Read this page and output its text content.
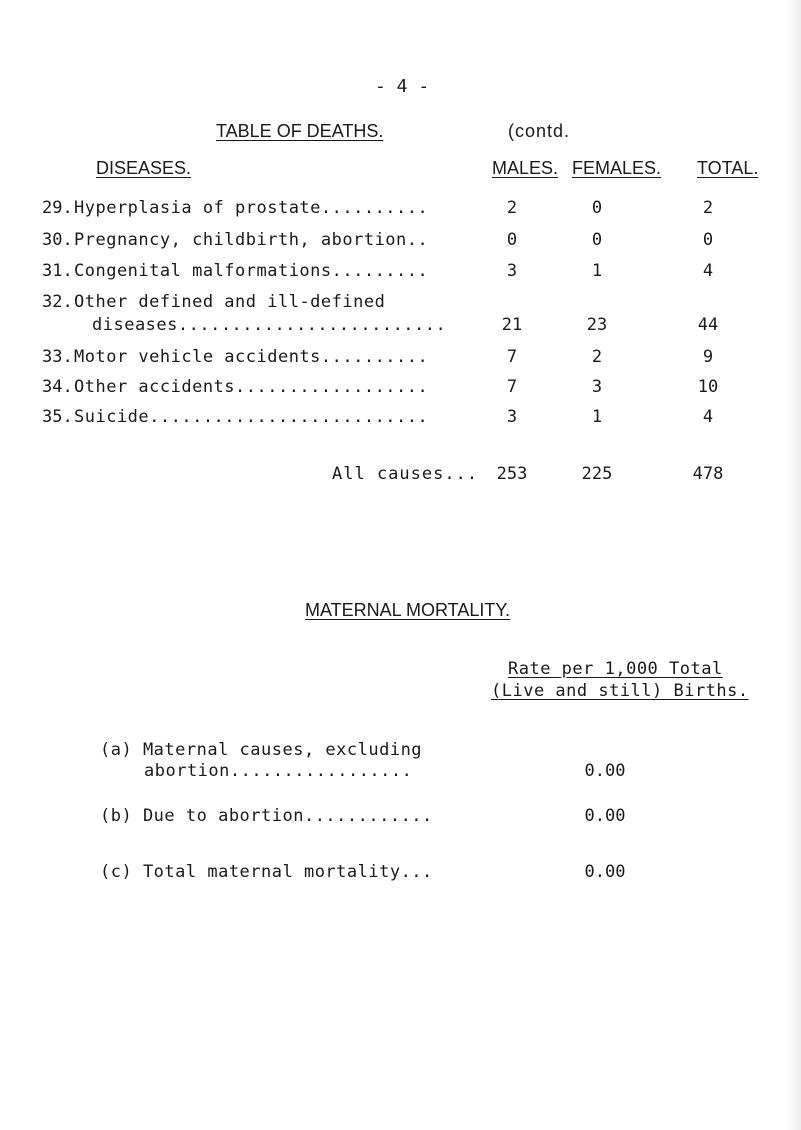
- 4 -
TABLE OF DEATHS.	(contd.
DISEASES.	MALES. FEMALES. TOTAL.
29. Hyperplasia of prostate..........	2	0	2
30. Pregnancy, childbirth, abortion..	0	0	0
31. Congenital malformations.........	3	1	4
32. Other defined and ill-defined
diseases.........................	21	23	44
33. Motor vehicle accidents..........	7	2	9
34. Other accidents..................	7	3	10
35. Suicide..........................	3	1	4
All causes...	253	225	478
MATERNAL MORTALITY.
Rate per 1,000 Total
(Live and still) Births.
(a) Maternal causes, excluding
abortion.................	0.00
(b) Due to abortion............	0.00
(c) Total maternal mortality...	0.00
